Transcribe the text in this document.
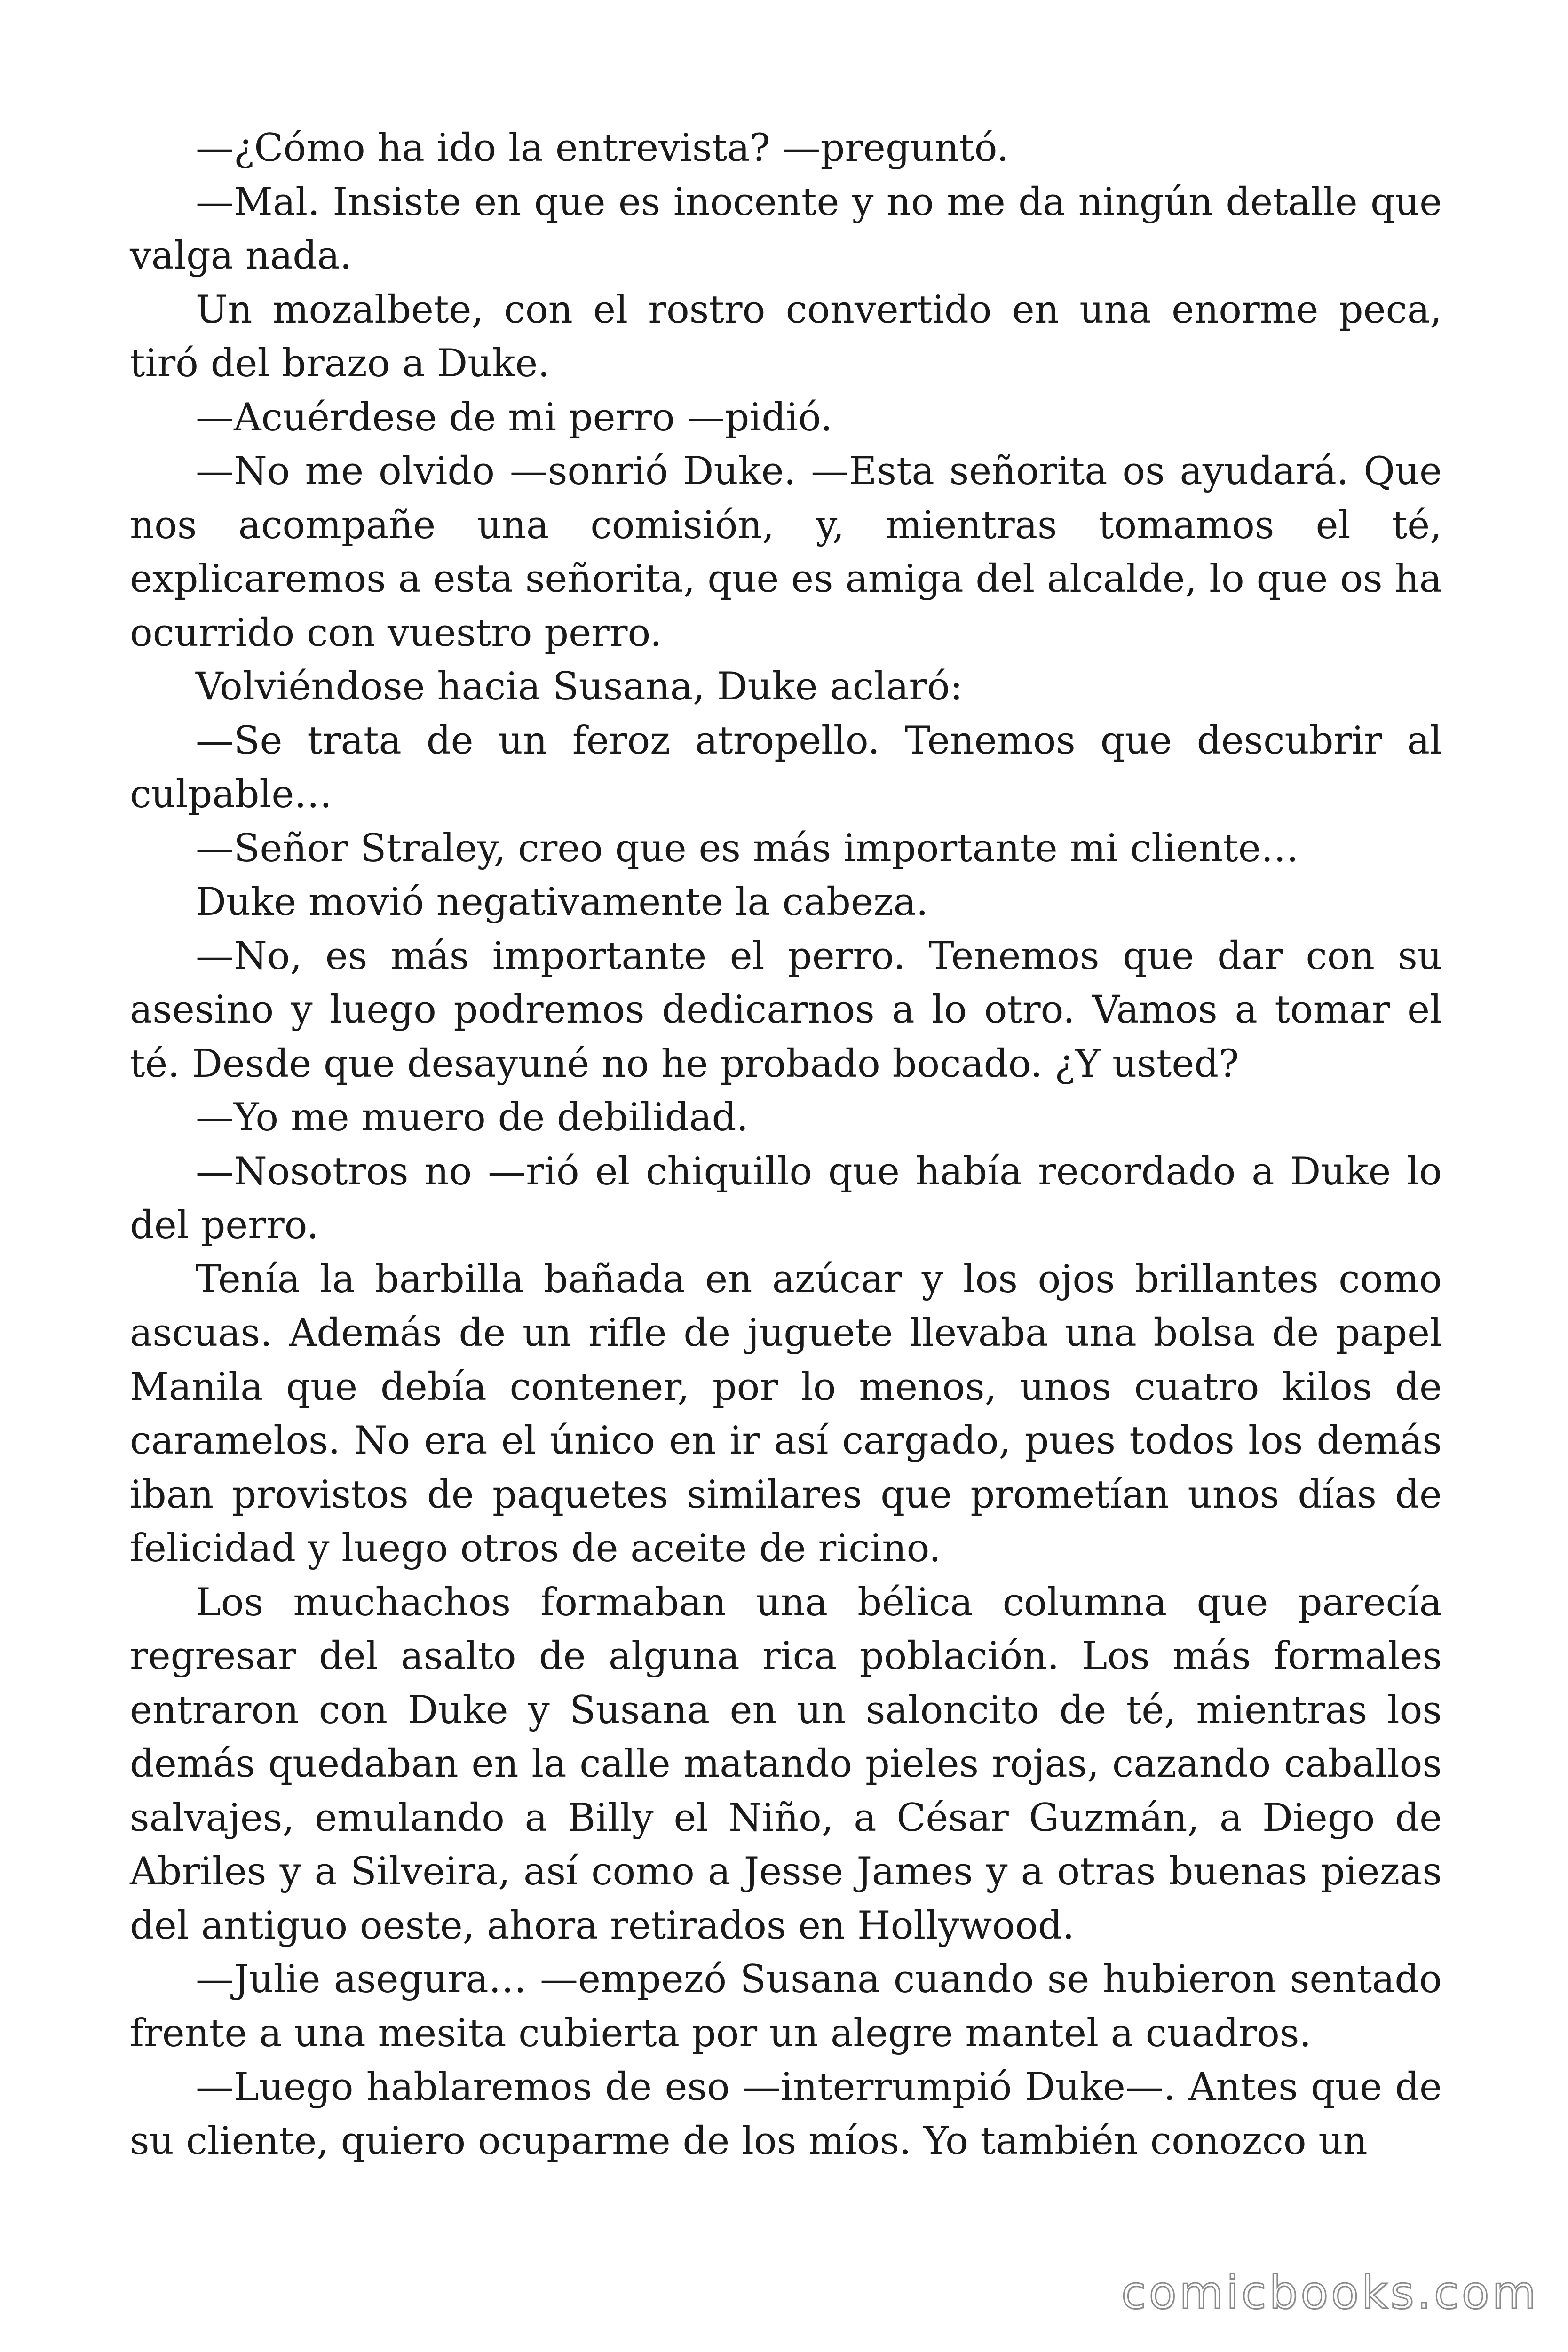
—¿Cómo ha ido la entrevista? —preguntó.

—Mal. Insiste en que es inocente y no me da ningún detalle que valga nada.

Un mozalbete, con el rostro convertido en una enorme peca, tiró del brazo a Duke.

—Acuérdese de mi perro —pidió.

—No me olvido —sonrió Duke. —Esta señorita os ayudará. Que nos acompañe una comisión, y, mientras tomamos el té, explicaremos a esta señorita, que es amiga del alcalde, lo que os ha ocurrido con vuestro perro.

Volviéndose hacia Susana, Duke aclaró:

—Se trata de un feroz atropello. Tenemos que descubrir al culpable…

—Señor Straley, creo que es más importante mi cliente…

Duke movió negativamente la cabeza.

—No, es más importante el perro. Tenemos que dar con su asesino y luego podremos dedicarnos a lo otro. Vamos a tomar el té. Desde que desayuné no he probado bocado. ¿Y usted?

—Yo me muero de debilidad.

—Nosotros no —rió el chiquillo que había recordado a Duke lo del perro.

Tenía la barbilla bañada en azúcar y los ojos brillantes como ascuas. Además de un rifle de juguete llevaba una bolsa de papel Manila que debía contener, por lo menos, unos cuatro kilos de caramelos. No era el único en ir así cargado, pues todos los demás iban provistos de paquetes similares que prometían unos días de felicidad y luego otros de aceite de ricino.

Los muchachos formaban una bélica columna que parecía regresar del asalto de alguna rica población. Los más formales entraron con Duke y Susana en un saloncito de té, mientras los demás quedaban en la calle matando pieles rojas, cazando caballos salvajes, emulando a Billy el Niño, a César Guzmán, a Diego de Abriles y a Silveira, así como a Jesse James y a otras buenas piezas del antiguo oeste, ahora retirados en Hollywood.

—Julie asegura… —empezó Susana cuando se hubieron sentado frente a una mesita cubierta por un alegre mantel a cuadros.

—Luego hablaremos de eso —interrumpió Duke—. Antes que de su cliente, quiero ocuparme de los míos. Yo también conozco un

comicbooks.com
